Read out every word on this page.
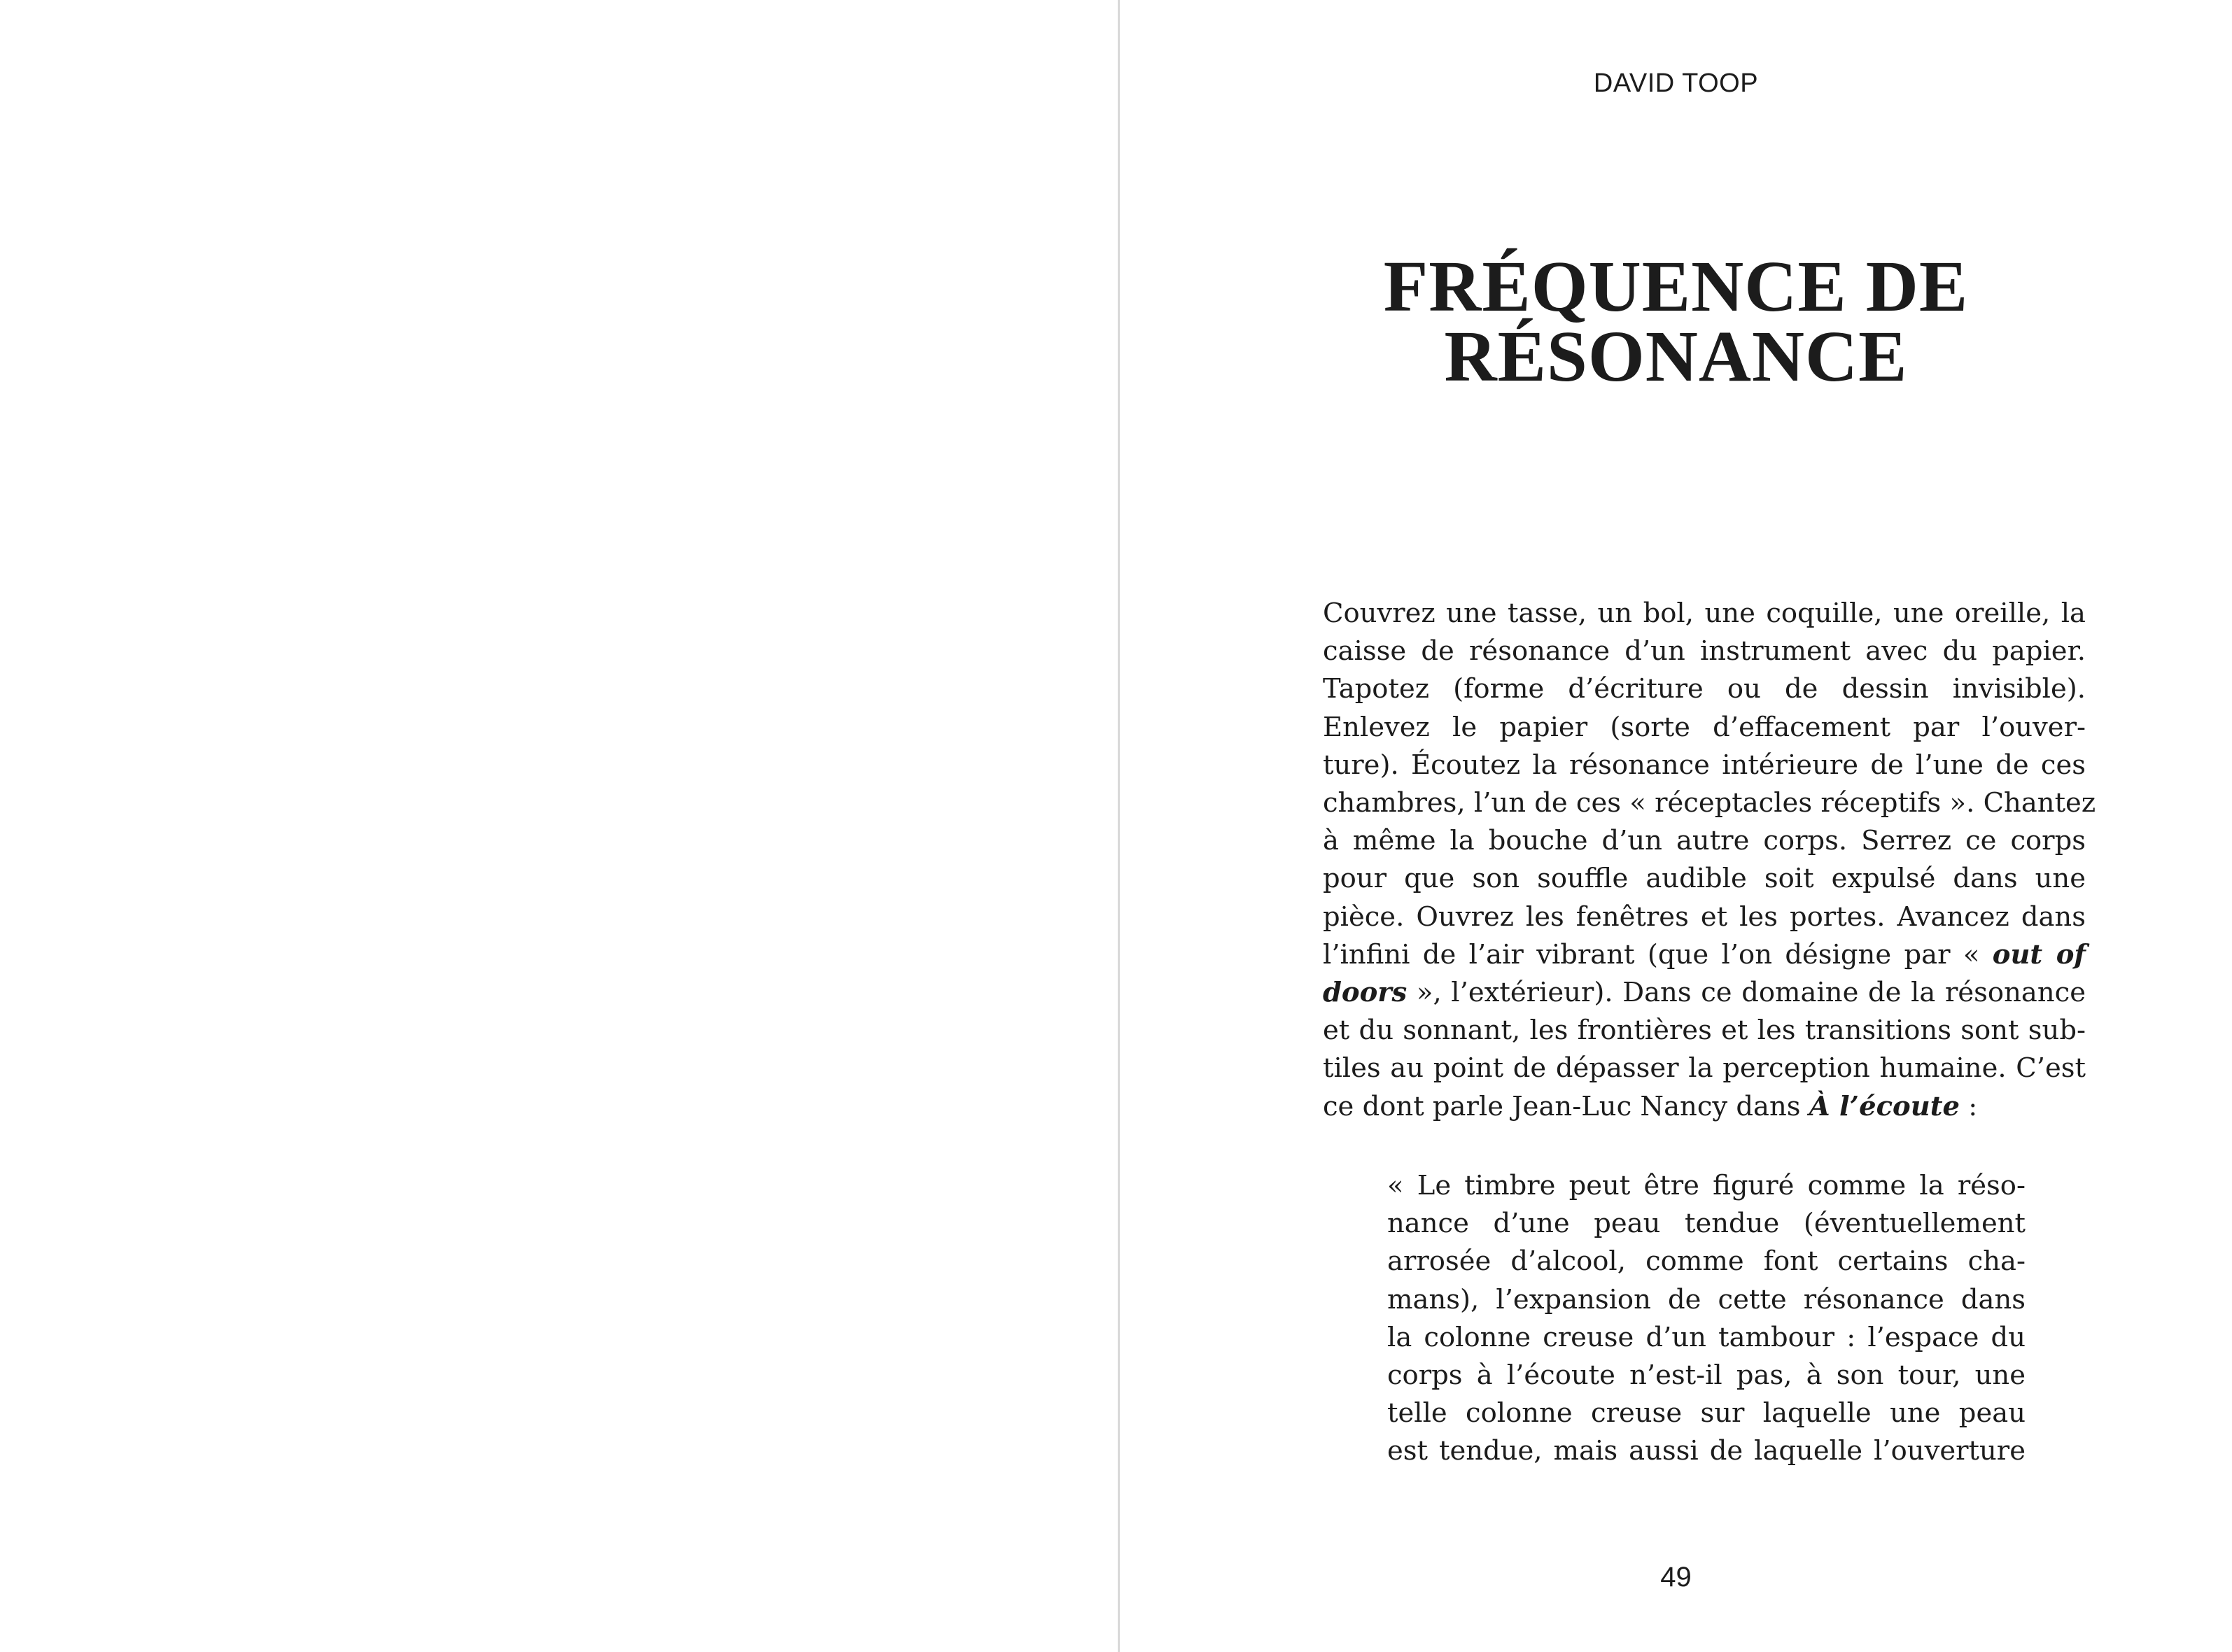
DAVID TOOP
FRÉQUENCE DE
RÉSONANCE
Couvrez une tasse, un bol, une coquille, une oreille, la
caisse de résonance d’un instrument avec du papier.
Tapotez (forme d’écriture ou de dessin invisible).
Enlevez le papier (sorte d’effacement par l’ouver-
ture). Écoutez la résonance intérieure de l’une de ces
chambres, l’un de ces « réceptacles réceptifs ». Chantez
à même la bouche d’un autre corps. Serrez ce corps
pour que son souffle audible soit expulsé dans une
pièce. Ouvrez les fenêtres et les portes. Avancez dans
l’infini de l’air vibrant (que l’on désigne par « out of
doors », l’extérieur). Dans ce domaine de la résonance
et du sonnant, les frontières et les transitions sont sub-
tiles au point de dépasser la perception humaine. C’est
ce dont parle Jean-Luc Nancy dans À l’écoute :
« Le timbre peut être figuré comme la réso-
nance d’une peau tendue (éventuellement
arrosée d’alcool, comme font certains cha-
mans), l’expansion de cette résonance dans
la colonne creuse d’un tambour : l’espace du
corps à l’écoute n’est-il pas, à son tour, une
telle colonne creuse sur laquelle une peau
est tendue, mais aussi de laquelle l’ouverture
49
